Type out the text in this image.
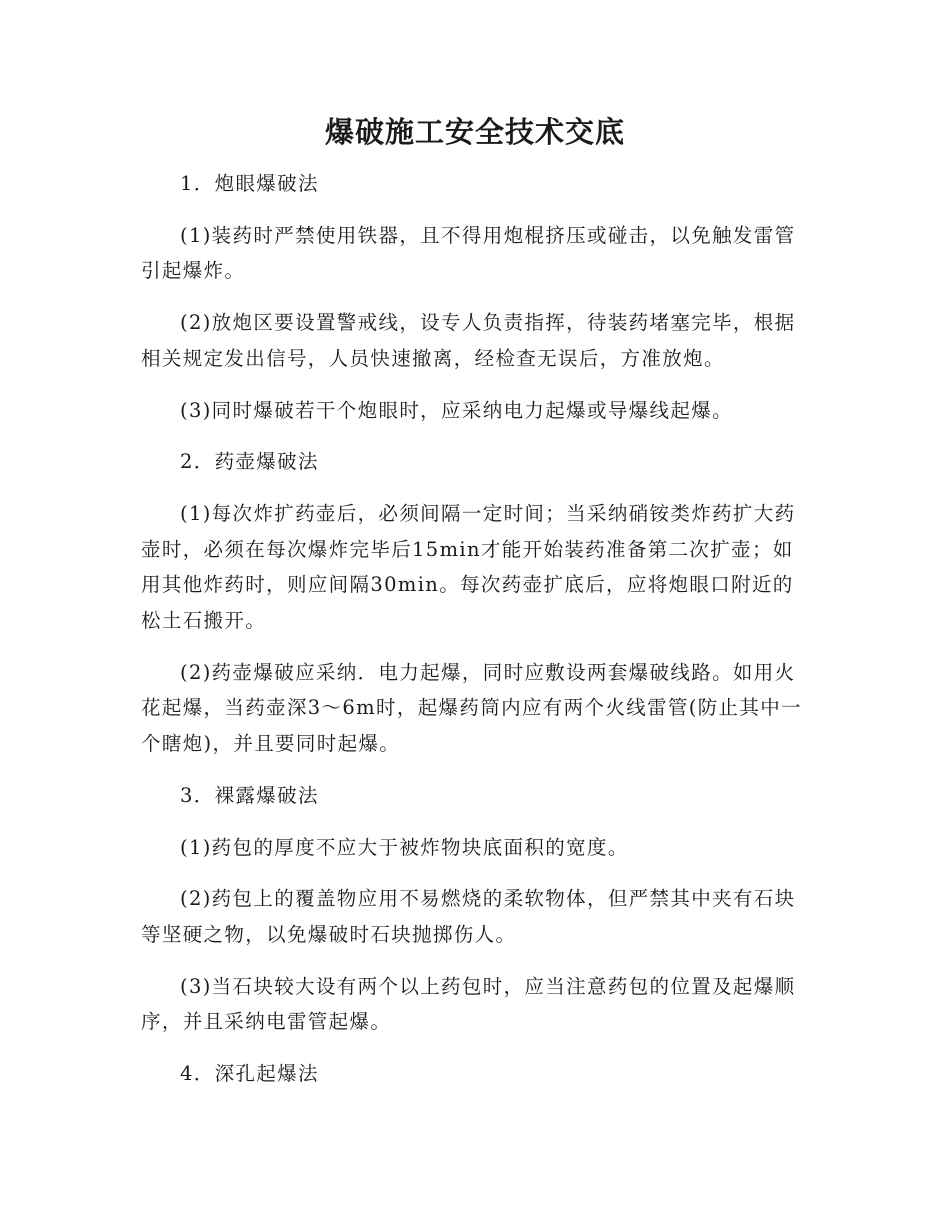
爆破施工安全技术交底

1．炮眼爆破法

(1)装药时严禁使用铁器，且不得用炮棍挤压或碰击，以免触发雷管引起爆炸。

(2)放炮区要设置警戒线，设专人负责指挥，待装药堵塞完毕，根据相关规定发出信号，人员快速撤离，经检查无误后，方准放炮。

(3)同时爆破若干个炮眼时，应采纳电力起爆或导爆线起爆。

2．药壶爆破法

(1)每次炸扩药壶后，必须间隔一定时间；当采纳硝铵类炸药扩大药壶时，必须在每次爆炸完毕后15min才能开始装药准备第二次扩壶；如用其他炸药时，则应间隔30min。每次药壶扩底后，应将炮眼口附近的松土石搬开。

(2)药壶爆破应采纳．电力起爆，同时应敷设两套爆破线路。如用火花起爆，当药壶深3～6m时，起爆药筒内应有两个火线雷管(防止其中一个瞎炮)，并且要同时起爆。

3．裸露爆破法

(1)药包的厚度不应大于被炸物块底面积的宽度。

(2)药包上的覆盖物应用不易燃烧的柔软物体，但严禁其中夹有石块等坚硬之物，以免爆破时石块抛掷伤人。

(3)当石块较大设有两个以上药包时，应当注意药包的位置及起爆顺序，并且采纳电雷管起爆。

4．深孔起爆法
